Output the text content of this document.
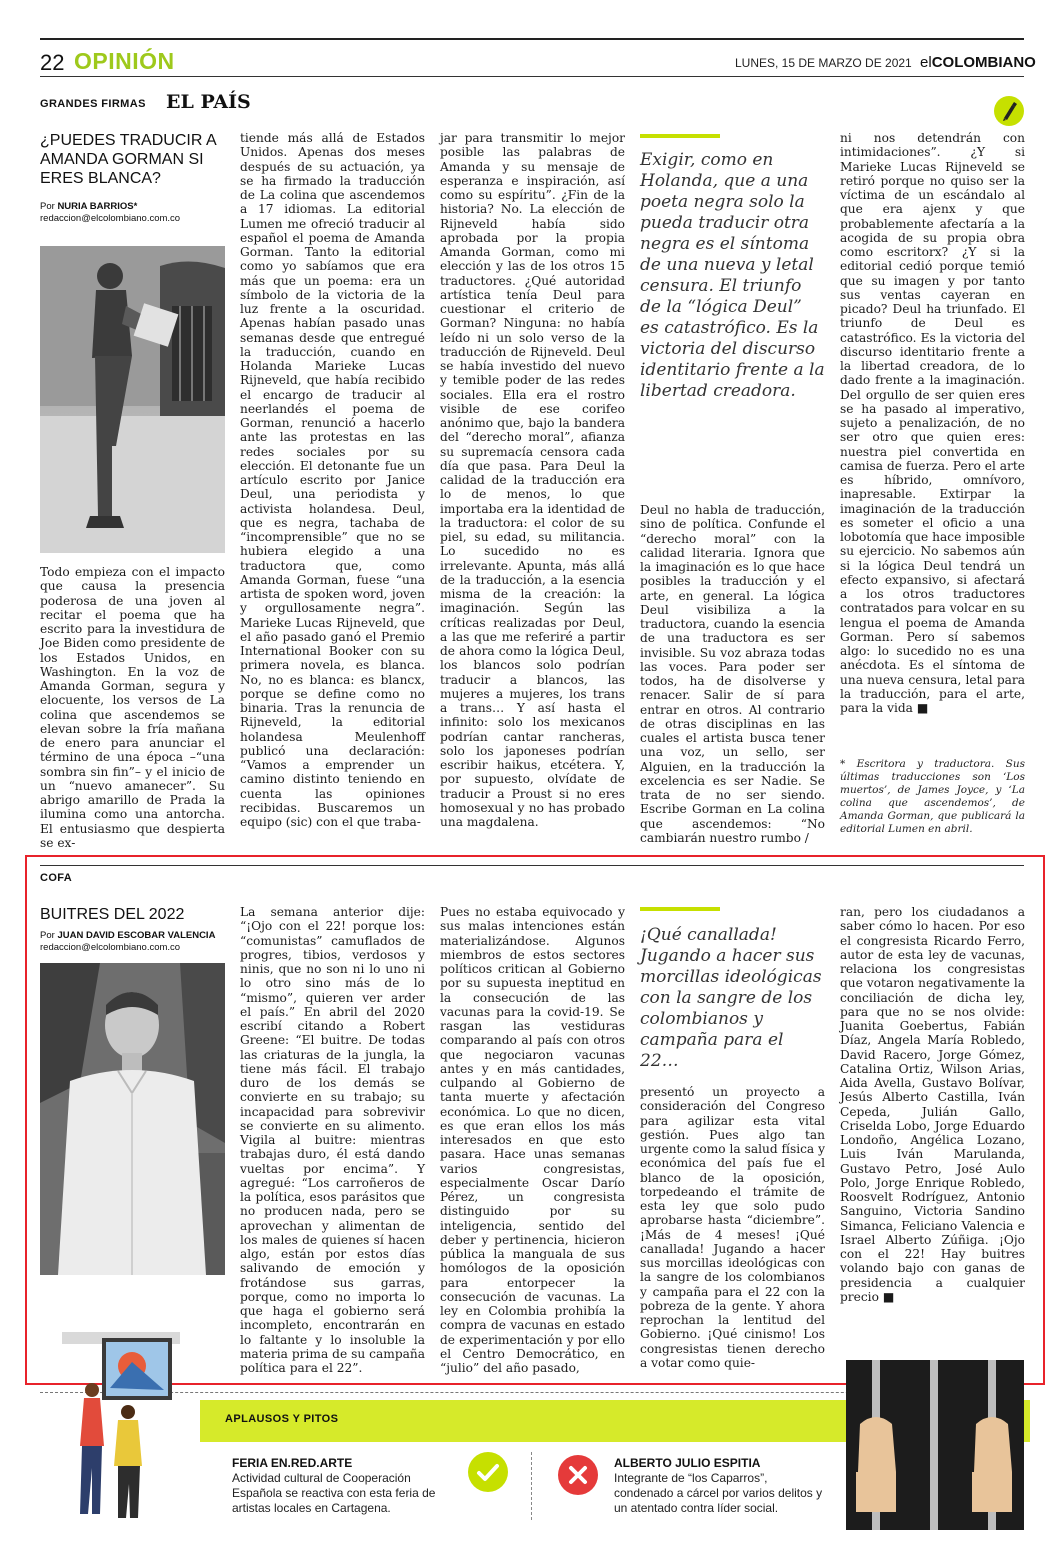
22 OPINIÓN	LUNES, 15 DE MARZO DE 2021 elCOLOMBIANO
GRANDES FIRMAS EL PAÍS
¿PUEDES TRADUCIR A AMANDA GORMAN SI ERES BLANCA?
Por NURIA BARRIOS*
redaccion@elcolombiano.com.co
Todo empieza con el impacto que causa la presencia poderosa de una joven al recitar el poema que ha escrito para la investidura de Joe Biden como presidente de los Estados Unidos, en Washington. En la voz de Amanda Gorman, segura y elocuente, los versos de La colina que ascendemos se elevan sobre la fría mañana de enero para anunciar el término de una época –“una sombra sin fin”– y el inicio de un “nuevo amanecer”. Su abrigo amarillo de Prada la ilumina como una antorcha. El entusiasmo que despierta se ex-
tiende más allá de Estados Unidos. Apenas dos meses después de su actuación, ya se ha firmado la traducción de La colina que ascendemos a 17 idiomas. La editorial Lumen me ofreció traducir al español el poema de Amanda Gorman. Tanto la editorial como yo sabíamos que era más que un poema: era un símbolo de la victoria de la luz frente a la oscuridad. Apenas habían pasado unas semanas desde que entregué la traducción, cuando en Holanda Marieke Lucas Rijneveld, que había recibido el encargo de traducir al neerlandés el poema de Gorman, renunció a hacerlo ante las protestas en las redes sociales por su elección. El detonante fue un artículo escrito por Janice Deul, una periodista y activista holandesa. Deul, que es negra, tachaba de “incomprensible” que no se hubiera elegido a una traductora que, como Amanda Gorman, fuese “una artista de spoken word, joven y orgullosamente negra”. Marieke Lucas Rijneveld, que el año pasado ganó el Premio International Booker con su primera novela, es blanca. No, no es blanca: es blancx, porque se define como no binaria. Tras la renuncia de Rijneveld, la editorial holandesa Meulenhoff publicó una declaración: “Vamos a emprender un camino distinto teniendo en cuenta las opiniones recibidas. Buscaremos un equipo (sic) con el que traba-
jar para transmitir lo mejor posible las palabras de Amanda y su mensaje de esperanza e inspiración, así como su espíritu”. ¿Fin de la historia? No. La elección de Rijneveld había sido aprobada por la propia Amanda Gorman, como mi elección y las de los otros 15 traductores. ¿Qué autoridad artística tenía Deul para cuestionar el criterio de Gorman? Ninguna: no había leído ni un solo verso de la traducción de Rijneveld. Deul se había investido del nuevo y temible poder de las redes sociales. Ella era el rostro visible de ese corifeo anónimo que, bajo la bandera del “derecho moral”, afianza su supremacía censora cada día que pasa. Para Deul la calidad de la traducción era lo de menos, lo que importaba era la identidad de la traductora: el color de su piel, su edad, su militancia. Lo sucedido no es irrelevante. Apunta, más allá de la traducción, a la esencia misma de la creación: la imaginación. Según las críticas realizadas por Deul, a las que me referiré a partir de ahora como la lógica Deul, los blancos solo podrían traducir a blancos, las mujeres a mujeres, los trans a trans… Y así hasta el infinito: solo los mexicanos podrían cantar rancheras, solo los japoneses podrían escribir haikus, etcétera. Y, por supuesto, olvídate de traducir a Proust si no eres homosexual y no has probado una magdalena.
Exigir, como en Holanda, que a una poeta negra solo la pueda traducir otra negra es el síntoma de una nueva y letal censura. El triunfo de la “lógica Deul” es catastrófico. Es la victoria del discurso identitario frente a la libertad creadora.
Deul no habla de traducción, sino de política. Confunde el “derecho moral” con la calidad literaria. Ignora que la imaginación es lo que hace posibles la traducción y el arte, en general. La lógica Deul visibiliza a la traductora, cuando la esencia de una traductora es ser invisible. Su voz abraza todas las voces. Para poder ser todos, ha de disolverse y renacer. Salir de sí para entrar en otros. Al contrario de otras disciplinas en las cuales el artista busca tener una voz, un sello, ser Alguien, en la traducción la excelencia es ser Nadie. Se trata de no ser siendo. Escribe Gorman en La colina que ascendemos: “No cambiarán nuestro rumbo /
ni nos detendrán con intimidaciones”. ¿Y si Marieke Lucas Rijneveld se retiró porque no quiso ser la víctima de un escándalo al que era ajenx y que probablemente afectaría a la acogida de su propia obra como escritorx? ¿Y si la editorial cedió porque temió que su imagen y por tanto sus ventas cayeran en picado? Deul ha triunfado. El triunfo de Deul es catastrófico. Es la victoria del discurso identitario frente a la libertad creadora, de lo dado frente a la imaginación. Del orgullo de ser quien eres se ha pasado al imperativo, sujeto a penalización, de no ser otro que quien eres: nuestra piel convertida en camisa de fuerza. Pero el arte es híbrido, omnívoro, inapresable. Extirpar la imaginación de la traducción es someter el oficio a una lobotomía que hace imposible su ejercicio. No sabemos aún si la lógica Deul tendrá un efecto expansivo, si afectará a los otros traductores contratados para volcar en su lengua el poema de Amanda Gorman. Pero sí sabemos algo: lo sucedido no es una anécdota. Es el síntoma de una nueva censura, letal para la traducción, para el arte, para la vida ■
* Escritora y traductora. Sus últimas traducciones son ‘Los muertos’, de James Joyce, y ‘La colina que ascendemos’, de Amanda Gorman, que publicará la editorial Lumen en abril.
COFA
BUITRES DEL 2022
Por JUAN DAVID ESCOBAR VALENCIA
redaccion@elcolombiano.com.co
La semana anterior dije: “¡Ojo con el 22! porque los: “comunistas” camuflados de progres, tibios, verdosos y ninis, que no son ni lo uno ni lo otro sino más de lo “mismo”, quieren ver arder el país.” En abril del 2020 escribí citando a Robert Greene: “El buitre. De todas las criaturas de la jungla, la tiene más fácil. El trabajo duro de los demás se convierte en su trabajo; su incapacidad para sobrevivir se convierte en su alimento. Vigila al buitre: mientras trabajas duro, él está dando vueltas por encima”. Y agregué: “Los carroñeros de la política, esos parásitos que no producen nada, pero se aprovechan y alimentan de los males de quienes sí hacen algo, están por estos días salivando de emoción y frotándose sus garras, porque, como no importa lo que haga el gobierno será incompleto, encontrarán en lo faltante y lo insoluble la materia prima de su campaña política para el 22”.
Pues no estaba equivocado y sus malas intenciones están materializándose. Algunos miembros de estos sectores políticos critican al Gobierno por su supuesta ineptitud en la consecución de las vacunas para la covid-19. Se rasgan las vestiduras comparando al país con otros que negociaron vacunas antes y en más cantidades, culpando al Gobierno de tanta muerte y afectación económica. Lo que no dicen, es que eran ellos los más interesados en que esto pasara. Hace unas semanas varios congresistas, especialmente Oscar Darío Pérez, un congresista distinguido por su inteligencia, sentido del deber y pertinencia, hicieron pública la manguala de sus homólogos de la oposición para entorpecer la consecución de vacunas. La ley en Colombia prohibía la compra de vacunas en estado de experimentación y por ello el Centro Democrático, en “julio” del año pasado,
¡Qué canallada! Jugando a hacer sus morcillas ideológicas con la sangre de los colombianos y campaña para el 22…
presentó un proyecto a consideración del Congreso para agilizar esta vital gestión. Pues algo tan urgente como la salud física y económica del país fue el blanco de la oposición, torpedeando el trámite de esta ley que solo pudo aprobarse hasta “diciembre”. ¡Más de 4 meses! ¡Qué canallada! Jugando a hacer sus morcillas ideológicas con la sangre de los colombianos y campaña para el 22 con la pobreza de la gente. Y ahora reprochan la lentitud del Gobierno. ¡Qué cinismo! Los congresistas tienen derecho a votar como quie-
ran, pero los ciudadanos a saber cómo lo hacen. Por eso el congresista Ricardo Ferro, autor de esta ley de vacunas, relaciona los congresistas que votaron negativamente la conciliación de dicha ley, para que no se nos olvide: Juanita Goebertus, Fabián Díaz, Angela María Robledo, David Racero, Jorge Gómez, Catalina Ortiz, Wilson Arias, Aida Avella, Gustavo Bolívar, Jesús Alberto Castilla, Iván Cepeda, Julián Gallo, Criselda Lobo, Jorge Eduardo Londoño, Angélica Lozano, Luis Iván Marulanda, Gustavo Petro, José Aulo Polo, Jorge Enrique Robledo, Roosvelt Rodríguez, Antonio Sanguino, Victoria Sandino Simanca, Feliciano Valencia e Israel Alberto Zúñiga. ¡Ojo con el 22! Hay buitres volando bajo con ganas de presidencia a cualquier precio ■
APLAUSOS Y PITOS
FERIA EN.RED.ARTE
Actividad cultural de Cooperación Española se reactiva con esta feria de artistas locales en Cartagena.
ALBERTO JULIO ESPITIA
Integrante de “los Caparros”, condenado a cárcel por varios delitos y un atentado contra líder social.
